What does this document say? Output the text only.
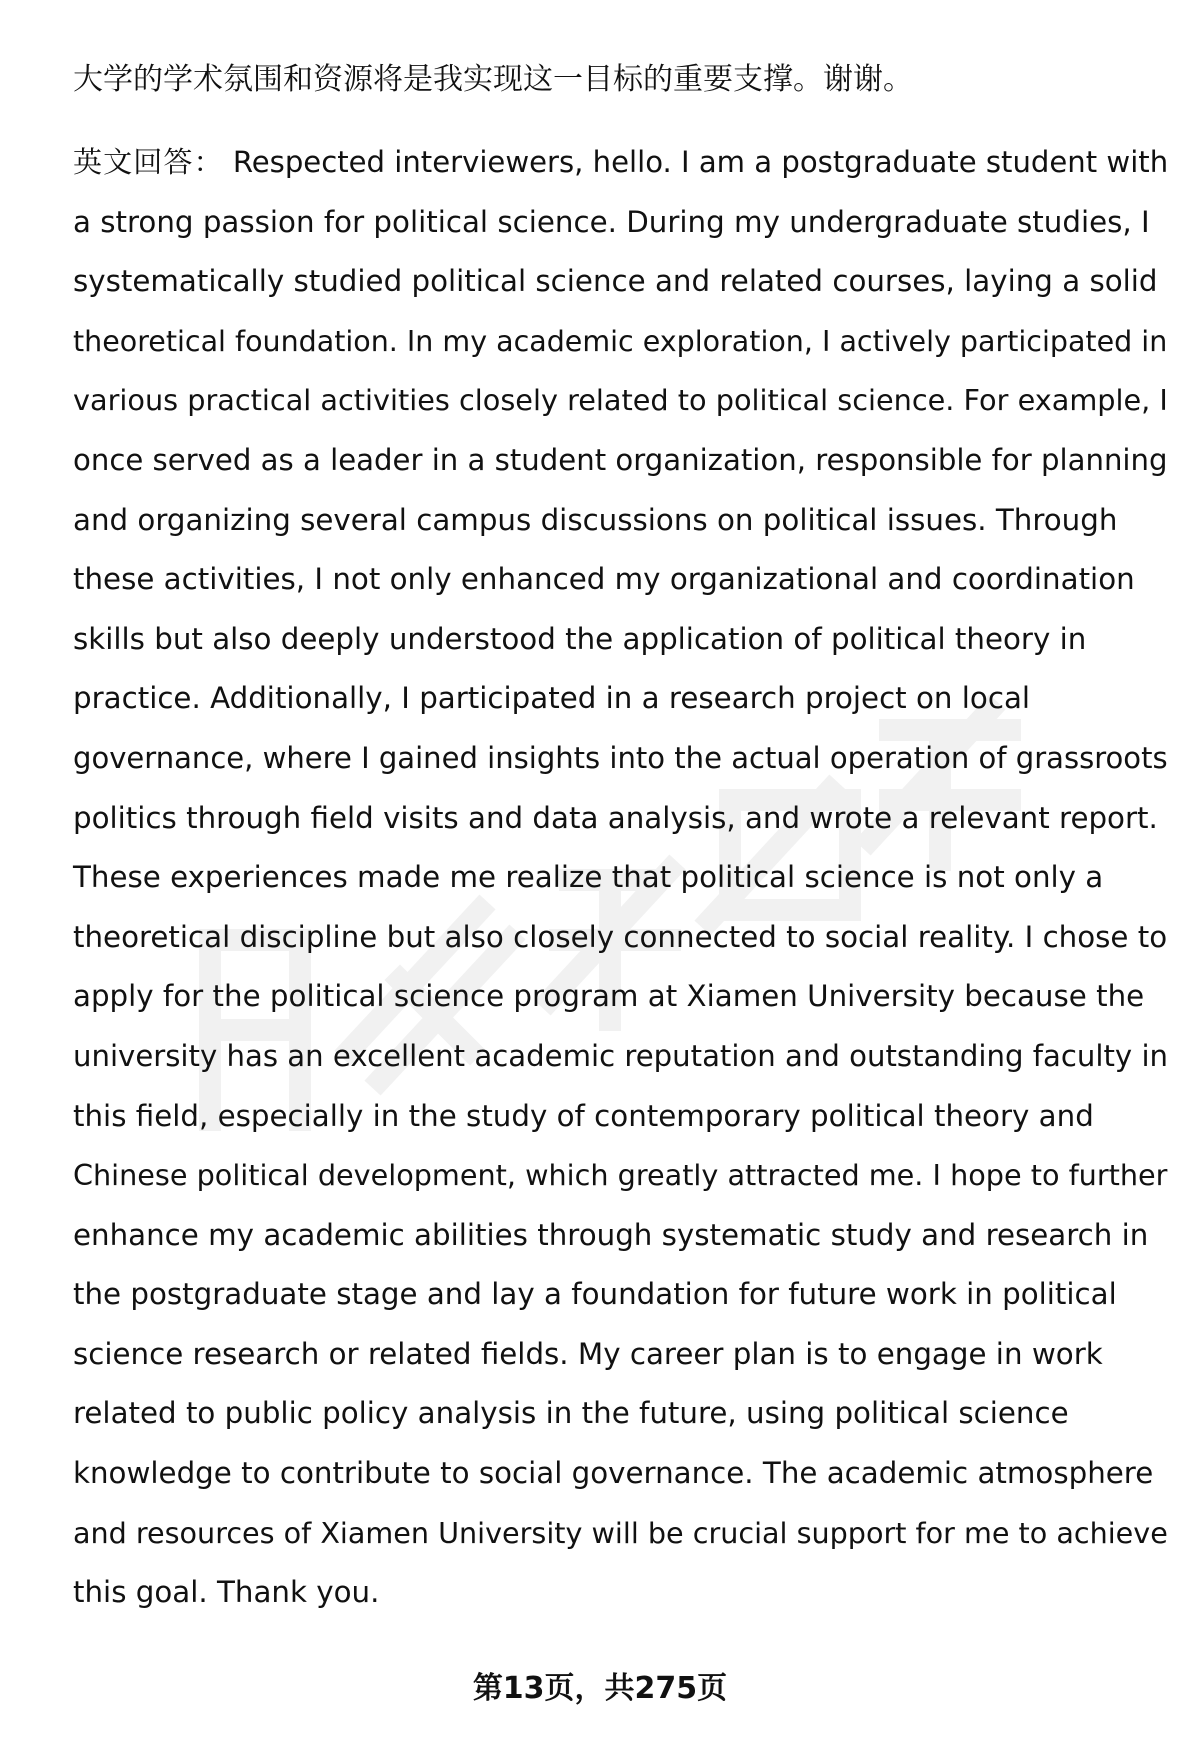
大学的学术氛围和资源将是我实现这一目标的重要支撑。谢谢。

英文回答： Respected interviewers, hello. I am a postgraduate student with
a strong passion for political science. During my undergraduate studies, I
systematically studied political science and related courses, laying a solid
theoretical foundation. In my academic exploration, I actively participated in
various practical activities closely related to political science. For example, I
once served as a leader in a student organization, responsible for planning
and organizing several campus discussions on political issues. Through
these activities, I not only enhanced my organizational and coordination
skills but also deeply understood the application of political theory in
practice. Additionally, I participated in a research project on local
governance, where I gained insights into the actual operation of grassroots
politics through field visits and data analysis, and wrote a relevant report.
These experiences made me realize that political science is not only a
theoretical discipline but also closely connected to social reality. I chose to
apply for the political science program at Xiamen University because the
university has an excellent academic reputation and outstanding faculty in
this field, especially in the study of contemporary political theory and
Chinese political development, which greatly attracted me. I hope to further
enhance my academic abilities through systematic study and research in
the postgraduate stage and lay a foundation for future work in political
science research or related fields. My career plan is to engage in work
related to public policy analysis in the future, using political science
knowledge to contribute to social governance. The academic atmosphere
and resources of Xiamen University will be crucial support for me to achieve
this goal. Thank you.
第13页，共275页
